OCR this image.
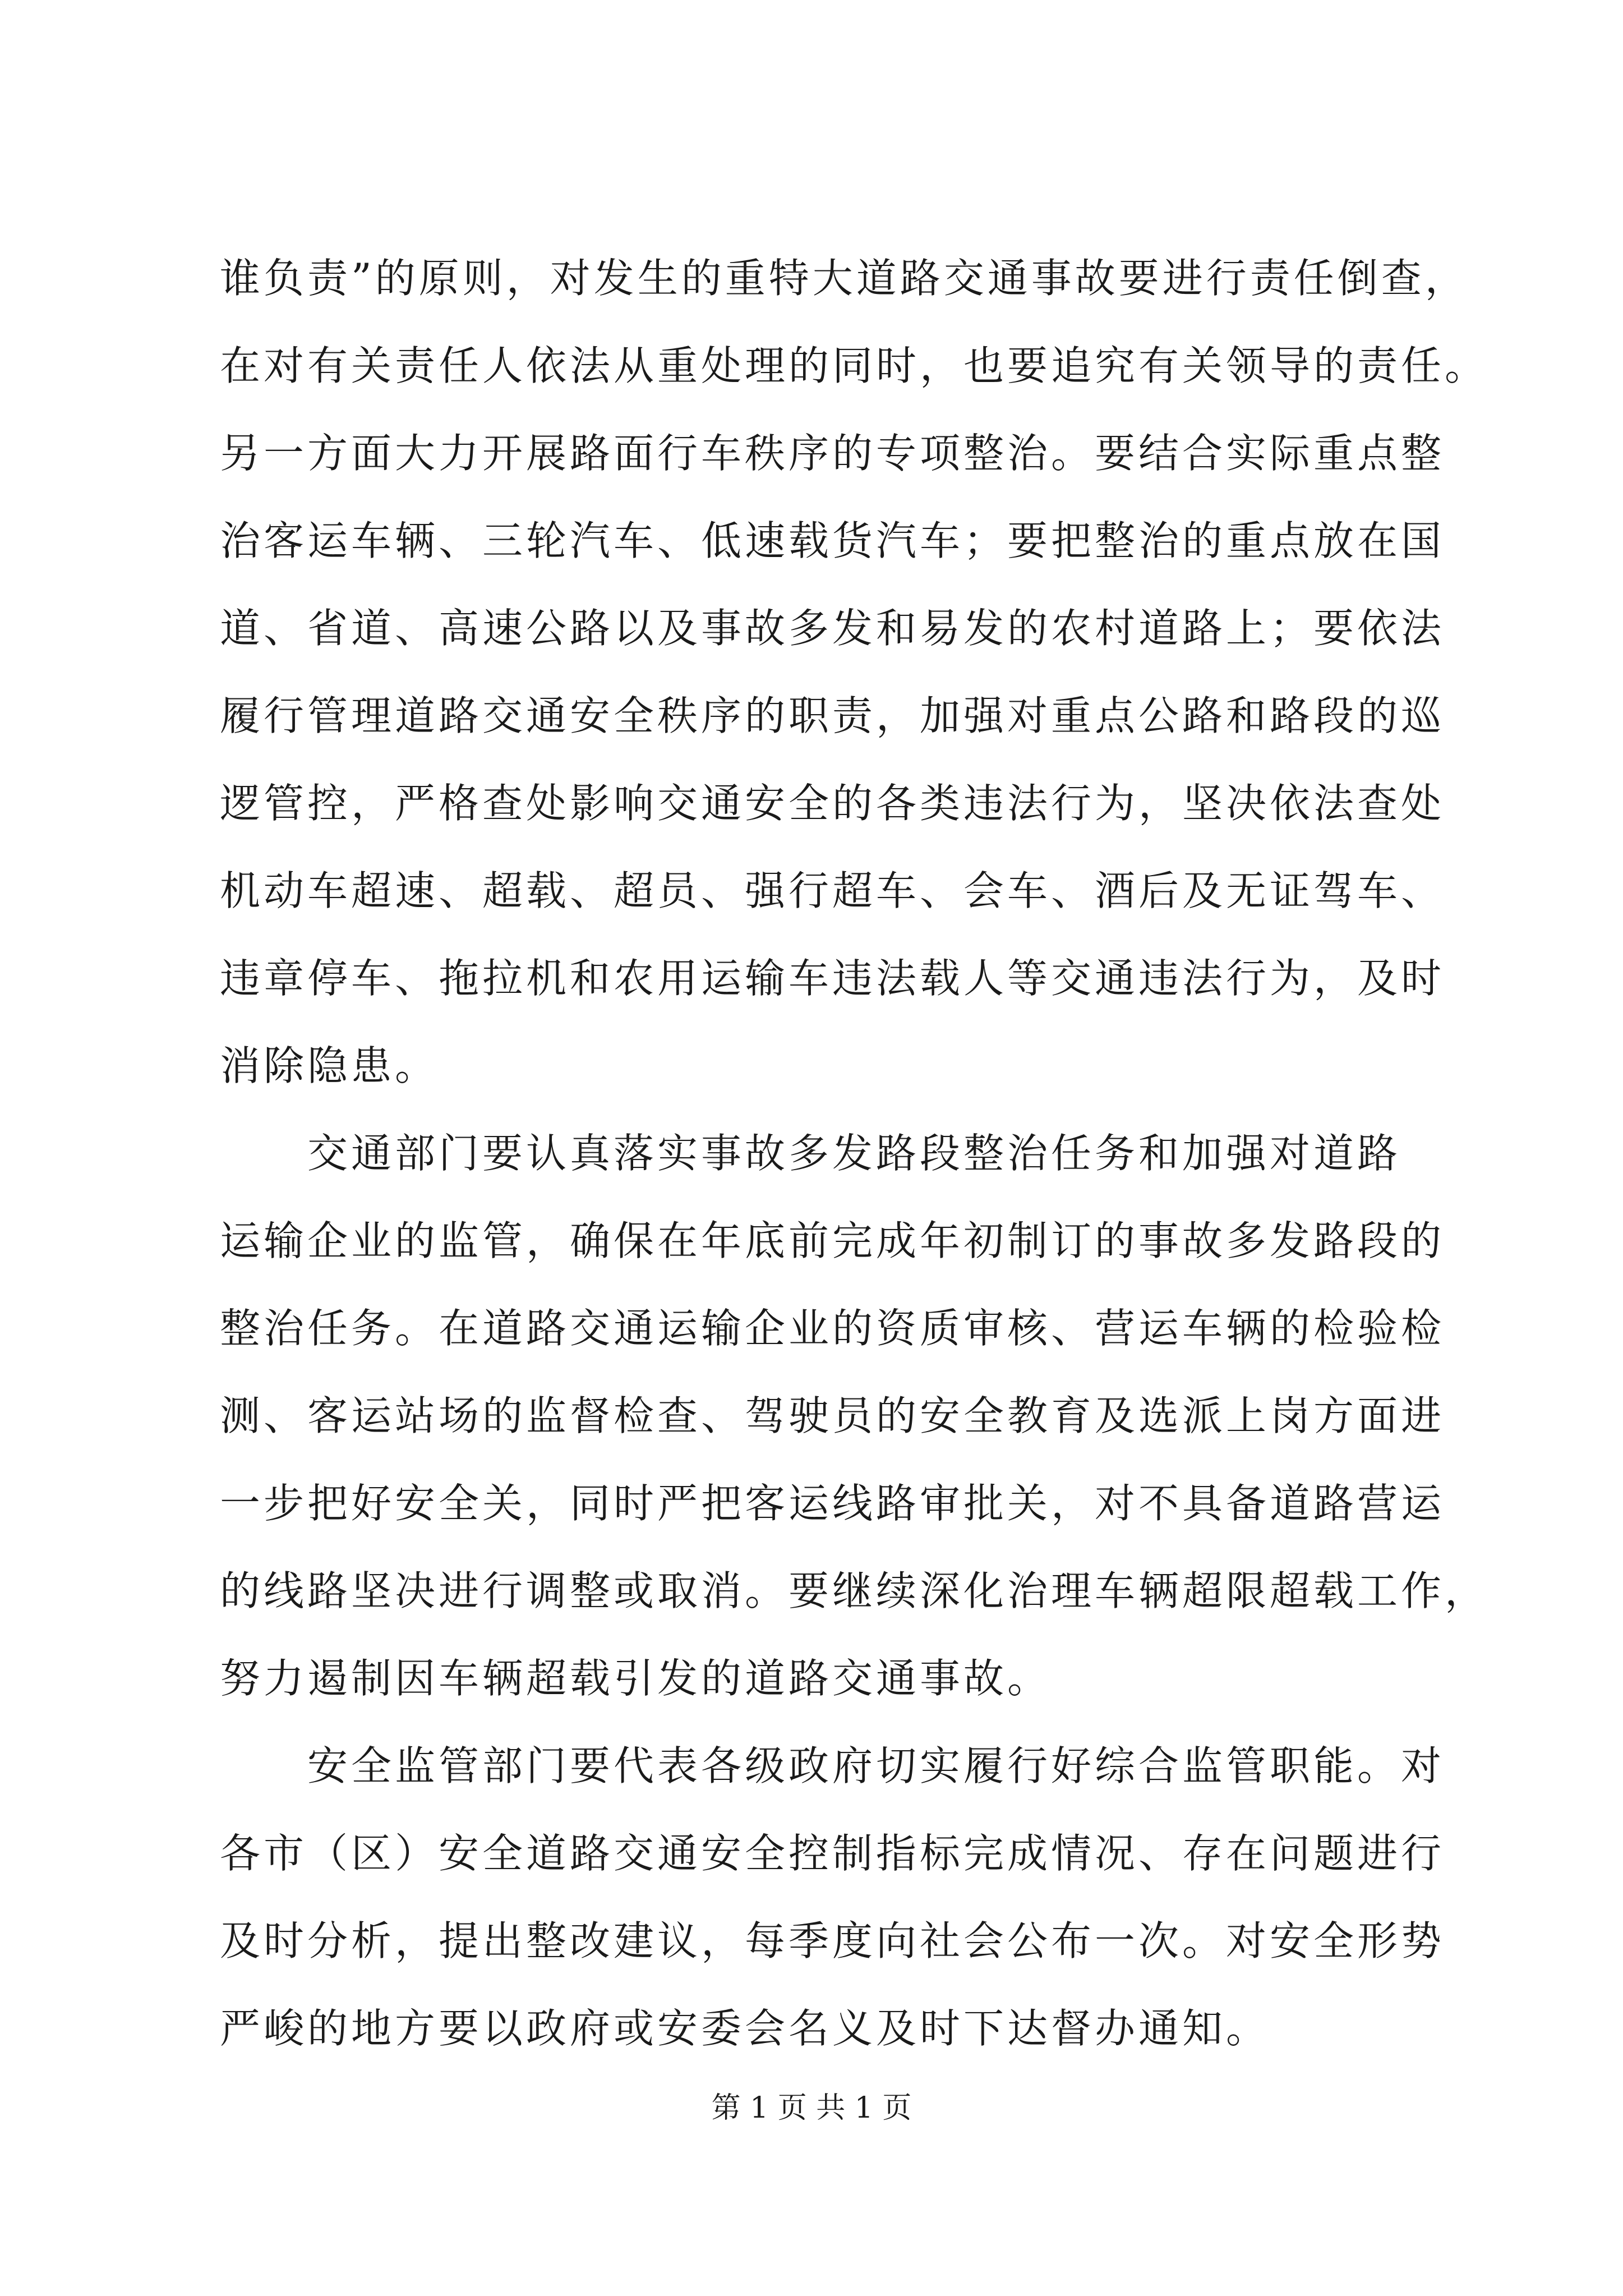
谁负责”的原则，对发生的重特大道路交通事故要进行责任倒查，
在对有关责任人依法从重处理的同时，也要追究有关领导的责任。
另一方面大力开展路面行车秩序的专项整治。要结合实际重点整
治客运车辆、三轮汽车、低速载货汽车；要把整治的重点放在国
道、省道、高速公路以及事故多发和易发的农村道路上；要依法
履行管理道路交通安全秩序的职责，加强对重点公路和路段的巡
逻管控，严格查处影响交通安全的各类违法行为，坚决依法查处
机动车超速、超载、超员、强行超车、会车、酒后及无证驾车、
违章停车、拖拉机和农用运输车违法载人等交通违法行为，及时
消除隐患。
　　交通部门要认真落实事故多发路段整治任务和加强对道路
运输企业的监管，确保在年底前完成年初制订的事故多发路段的
整治任务。在道路交通运输企业的资质审核、营运车辆的检验检
测、客运站场的监督检查、驾驶员的安全教育及选派上岗方面进
一步把好安全关，同时严把客运线路审批关，对不具备道路营运
的线路坚决进行调整或取消。要继续深化治理车辆超限超载工作，
努力遏制因车辆超载引发的道路交通事故。
　　安全监管部门要代表各级政府切实履行好综合监管职能。对
各市（区）安全道路交通安全控制指标完成情况、存在问题进行
及时分析，提出整改建议，每季度向社会公布一次。对安全形势
严峻的地方要以政府或安委会名义及时下达督办通知。
第 1 页 共 1 页
